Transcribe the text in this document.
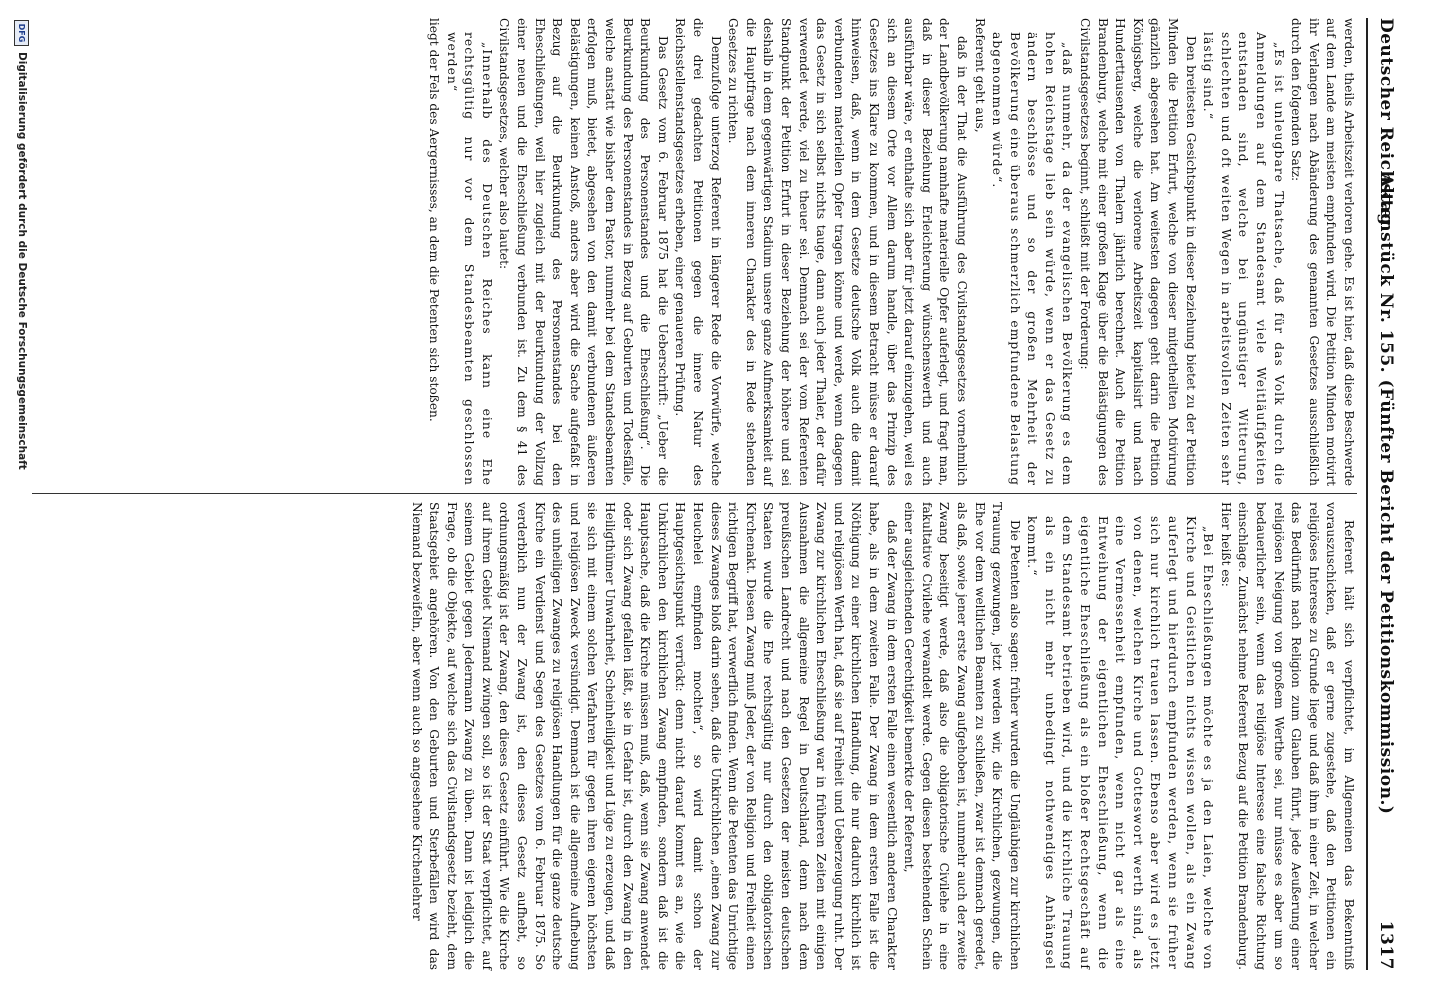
Deutscher Reichstag.
Aktenstück Nr. 155. (Fünfter Bericht der Petitionskommission.)
1317

werden, theils Arbeitszeit verloren gehe. Es ist hier, daß diese Beschwerde auf dem Lande am meisten empfunden wird. Die Petition Minden motivirt ihr Verlangen nach Abänderung des genannten Gesetzes ausschließlich durch den folgenden Satz:

„Es ist unleugbare Thatsache, daß für das Volk durch die Anmeldungen auf dem Standesamt viele Weitläufigkeiten entstanden sind, welche bei ungünstiger Witterung, schlechten und oft weiten Wegen in arbeitsvollen Zeiten sehr lästig sind.“

Den breitesten Gesichtspunkt in dieser Beziehung bietet zu der Petition Minden die Petition Erfurt, welche von dieser mitgetheilten Motivirung gänzlich abgesehen hat. Am weitesten dagegen geht darin die Petition Königsberg, welche die verlorene Arbeitszeit kapitalisirt und nach Hunderttausenden von Thalern jährlich berechnet. Auch die Petition Brandenburg, welche mit einer großen Klage über die Belästigungen des Civilstandsgesetzes beginnt, schließt mit der Forderung:

„daß nunmehr, da der evangelischen Bevölkerung es dem hohen Reichstage lieb sein würde, wenn er das Gesetz zu ändern beschlösse und so der großen Mehrheit der Bevölkerung eine überaus schmerzlich empfundene Belastung abgenommen würde“.

Referent geht aus,

daß in der That die Ausführung des Civilstandsgesetzes vornehmlich der Landbevölkerung namhafte materielle Opfer auferlegt, und fragt man, daß in dieser Beziehung Erleichterung wünschenswerth und auch ausführbar wäre, er enthalte sich aber für jetzt darauf einzugehen, weil es sich an diesem Orte vor Allem darum handle, über das Prinzip des Gesetzes ins Klare zu kommen, und in diesem Betracht müsse er darauf hinweisen, daß, wenn in dem Gesetze deutsche Volk auch die damit verbundenen materiellen Opfer tragen könne und werde, wenn dagegen das Gesetz in sich selbst nichts tauge, dann auch jeder Thaler, der dafür verwendet werde, viel zu theuer sei. Demnach sei der vom Referenten Standpunkt der Petition Erfurt in dieser Beziehung der höhere und sei deshalb in dem gegenwärtigen Stadium unsere ganze Aufmerksamkeit auf die Hauptfrage nach dem inneren Charakter des in Rede stehenden Gesetzes zu richten.

Demzufolge unterzog Referent in längerer Rede die Vorwürfe, welche die drei gedachten Petitionen gegen die innere Natur des Reichsstellenstandsgesetzes erheben, einer genaueren Prüfung.

Das Gesetz vom 6. Februar 1875 hat die Ueberschrift: „Ueber die Beurkundung des Personenstandes und die Eheschließung“. Die Beurkundung des Personenstandes in Bezug auf Geburten und Todesfälle, welche anstatt wie bisher dem Pastor, nunmehr bei dem Standesbeamten erfolgen muß, bietet, abgesehen von den damit verbundenen äußeren Belästigungen, keinen Anstoß, anders aber wird die Sache aufgefaßt in Bezug auf die Beurkundung des Personenstandes bei den Eheschließungen, weil hier zugleich mit der Beurkundung der Vollzug einer neuen und die Eheschließung verbunden ist. Zu dem § 41 des Civilstandsgesetzes, welcher also lautet:

„Innerhalb des Deutschen Reiches kann eine Ehe rechtsgültig nur vor dem Standesbeamten geschlossen werden“

liegt der Fels des Aergernisses, an dem die Petenten sich stoßen.

Referent hält sich verpflichtet, im Allgemeinen das Bekenntniß vorauszuschicken, daß er gerne zugestehe, daß den Petitionen ein religiöses Interesse zu Grunde liege und daß ihm in einer Zeit, in welcher das Bedürfniß nach Religion zum Glauben führt, jede Aeußerung einer religiösen Neigung von großem Werthe sei, nur müsse es aber um so bedauerlicher sein, wenn das religiöse Interesse eine falsche Richtung einschlage. Zunächst nehme Referent Bezug auf die Petition Brandenburg. Hier heißt es:

„Bei Eheschließungen möchte es ja den Laien, welche von Kirche und Geistlichen nichts wissen wollen, als ein Zwang auferlegt und hierdurch empfunden werden, wenn sie früher sich nur kirchlich trauen lassen. Ebenso aber wird es jetzt von denen, welchen Kirche und Gotteswort werth sind, als eine Vermessenheit empfunden, wenn nicht gar als eine Entweihung der eigentlichen Eheschließung, wenn die eigentliche Eheschließung als ein bloßer Rechtsgeschäft auf dem Standesamt betrieben wird, und die kirchliche Trauung als ein nicht mehr unbedingt nothwendiges Anhängsel kommt.“

Die Petenten also sagen: früher wurden die Ungläubigen zur kirchlichen Trauung gezwungen, jetzt werden wir, die Kirchlichen, gezwungen, die Ehe vor dem weltlichen Beamten zu schließen, zwar ist demnach geredet, als daß, sowie jener erste Zwang aufgehoben ist, nunmehr auch der zweite Zwang beseitigt werde, daß also die obligatorische Civilehe in eine fakultative Civilehe verwandelt werde. Gegen diesen bestehenden Schein einer ausgleichenden Gerechtigkeit bemerkte der Referent,

daß der Zwang in dem ersten Falle einen wesentlich anderen Charakter habe, als in dem zweiten Falle. Der Zwang in dem ersten Falle ist die Nöthigung zu einer kirchlichen Handlung, die nur dadurch kirchlich ist und religiösen Werth hat, daß sie auf Freiheit und Ueberzeugung ruht. Der Zwang zur kirchlichen Eheschließung war in früheren Zeiten mit einigen Ausnahmen die allgemeine Regel in Deutschland, denn nach dem preußischen Landrecht und nach den Gesetzen der meisten deutschen Staaten wurde die Ehe rechtsgültig nur durch den obligatorischen Kirchenakt. Diesen Zwang muß Jeder, der von Religion und Freiheit einen richtigen Begriff hat, verwerflich finden. Wenn die Petenten das Unrichtige dieses Zwanges bloß darin sehen, daß die Unkirchlichen „einen Zwang zur Heuchelei empfinden mochten“, so wird damit schon der Hauptgesichtspunkt verrückt: denn nicht darauf kommt es an, wie die Unkirchlichen den kirchlichen Zwang empfinden, sondern daß ist die Hauptsache, daß die Kirche müssen muß, daß, wenn sie Zwang anwendet oder sich Zwang gefallen läßt, sie in Gefahr ist, durch den Zwang in den Heiligthümer Unwahrheit, Scheinheiligkeit und Lüge zu erzeugen, und daß sie sich mit einem solchen Verfahren für gegen ihren eigenen höchsten und religiösen Zweck versündigt. Demnach ist die allgemeine Aufhebung des unheiligen Zwanges zu religiösen Handlungen für die ganze deutsche Kirche ein Verdienst und Segen des Gesetzes vom 6. Februar 1875. So verderblich nun der Zwang ist, den dieses Gesetz aufhebt, so ordnungsmäßig ist der Zwang, den dieses Gesetz einführt. Wie die Kirche auf ihrem Gebiet Niemand zwingen soll, so ist der Staat verpflichtet, auf seinem Gebiet gegen Jedermann Zwang zu üben. Dann ist lediglich die Frage, ob die Objekte, auf welche sich das Civilstandsgesetz bezieht, dem Staatsgebiet angehören. Von den Geburten und Sterbefällen wird das Niemand bezweifeln, aber wenn auch so angesehene Kirchenlehrer

DFG
Digitalisierung gefördert durch die Deutsche Forschungsgemeinschaft
